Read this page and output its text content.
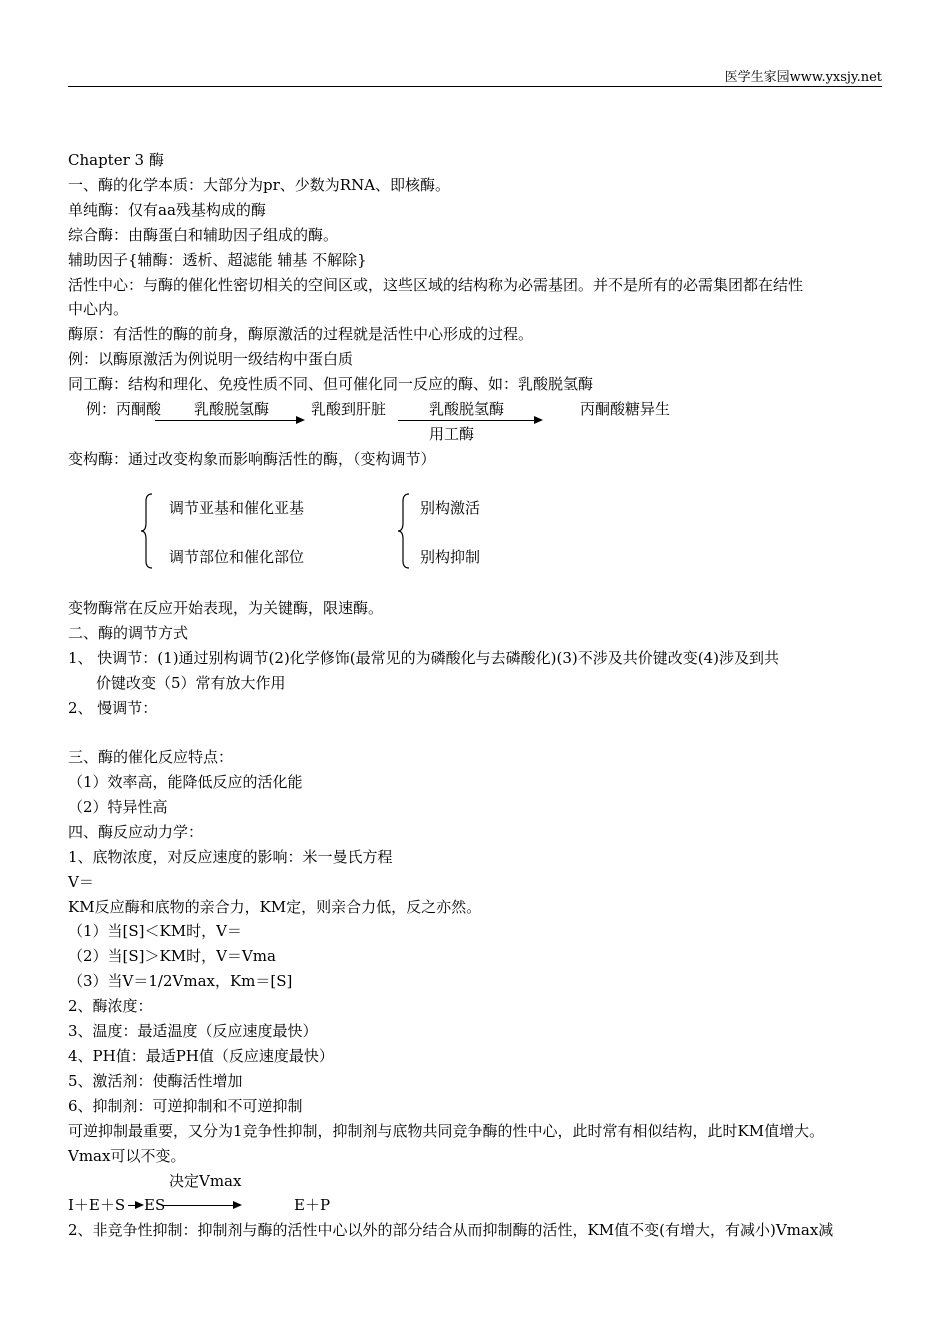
医学生家园www.yxsjy.net
Chapter 3 酶
一、酶的化学本质：大部分为pr、少数为RNA、即核酶。
单纯酶：仅有aa残基构成的酶
综合酶：由酶蛋白和辅助因子组成的酶。
辅助因子{辅酶：透析、超滤能 辅基 不解除}
活性中心：与酶的催化性密切相关的空间区或，这些区域的结构称为必需基团。并不是所有的必需集团都在结性
中心内。
酶原：有活性的酶的前身，酶原激活的过程就是活性中心形成的过程。
例：以酶原激活为例说明一级结构中蛋白质
同工酶：结构和理化、免疫性质不同、但可催化同一反应的酶、如：乳酸脱氢酶
例：丙酮酸 乳酸脱氢酶	乳酸到肝脏	乳酸脱氢酶
用工酶
丙酮酸糖异生
变构酶：通过改变构象而影响酶活性的酶，（变构调节）
调节亚基和催化亚基
调节部位和催化部位
别构激活
别构抑制
变物酶常在反应开始表现，为关键酶，限速酶。
二、酶的调节方式
1、 快调节：(1)通过别构调节(2)化学修饰(最常见的为磷酸化与去磷酸化)(3)不涉及共价键改变(4)涉及到共
价键改变（5）常有放大作用
2、 慢调节：
三、酶的催化反应特点：
（1）效率高，能降低反应的活化能
（2）特异性高
四、酶反应动力学：
1、底物浓度，对反应速度的影响：米一曼氏方程
V＝
KM反应酶和底物的亲合力，KM定，则亲合力低，反之亦然。
（1）当[S]＜KM时，V＝
（2）当[S]＞KM时，V＝Vma
（3）当V＝1/2Vmax，Km＝[S]
2、酶浓度：
3、温度：最适温度（反应速度最快）
4、PH值：最适PH值（反应速度最快）
5、激活剂：使酶活性增加
6、抑制剂：可逆抑制和不可逆抑制
可逆抑制最重要，又分为1竞争性抑制，抑制剂与底物共同竞争酶的性中心，此时常有相似结构，此时KM值增大。
Vmax可以不变。
决定Vmax
I＋E＋S ES	E＋P
2、非竞争性抑制：抑制剂与酶的活性中心以外的部分结合从而抑制酶的活性，KM值不变(有增大，有减小)Vmax减
